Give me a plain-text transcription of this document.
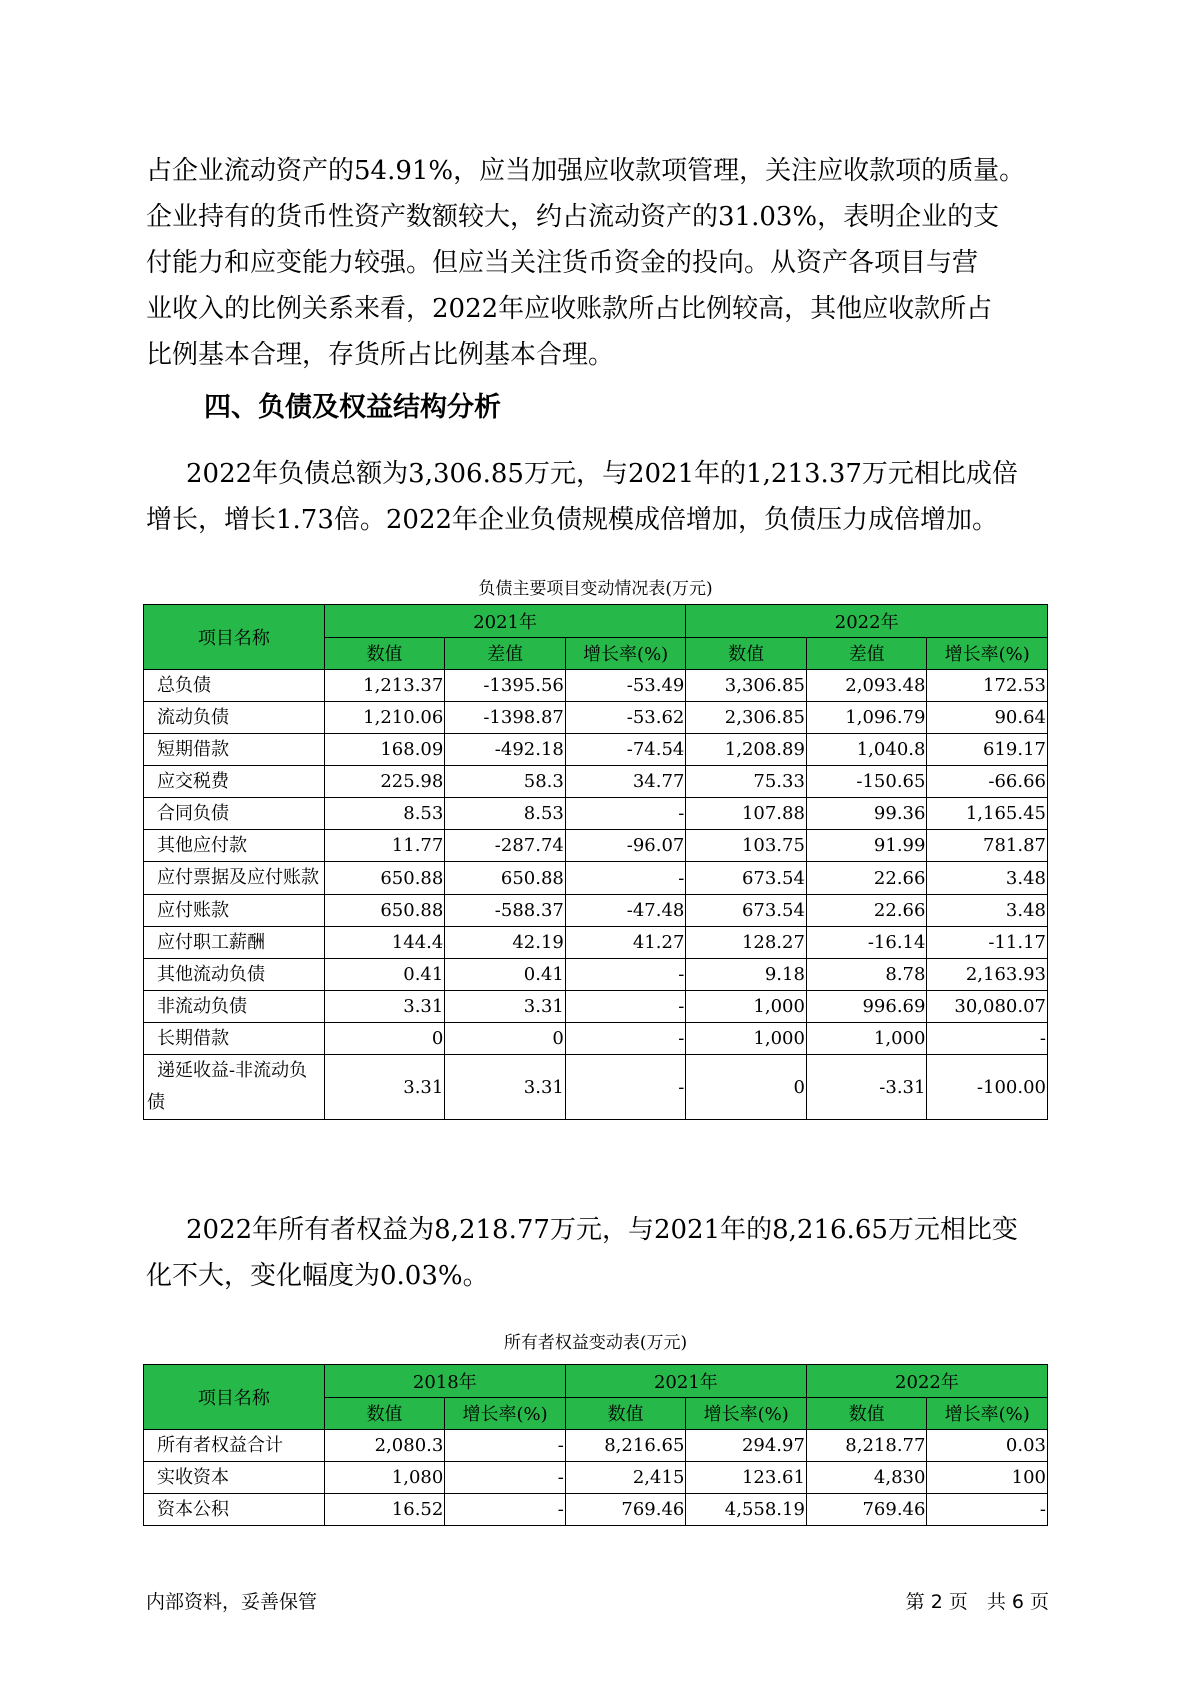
占企业流动资产的54.91%，应当加强应收款项管理，关注应收款项的质量。
企业持有的货币性资产数额较大，约占流动资产的31.03%，表明企业的支
付能力和应变能力较强。但应当关注货币资金的投向。从资产各项目与营
业收入的比例关系来看，2022年应收账款所占比例较高，其他应收款所占
比例基本合理，存货所占比例基本合理。
四、负债及权益结构分析
2022年负债总额为3,306.85万元，与2021年的1,213.37万元相比成倍
增长，增长1.73倍。2022年企业负债规模成倍增加，负债压力成倍增加。
负债主要项目变动情况表(万元)
项目名称	2021年			2022年		
	数值	差值	增长率(%)	数值	差值	增长率(%)
总负债	1,213.37	-1395.56	-53.49	3,306.85	2,093.48	172.53
流动负债	1,210.06	-1398.87	-53.62	2,306.85	1,096.79	90.64
短期借款	168.09	-492.18	-74.54	1,208.89	1,040.8	619.17
应交税费	225.98	58.3	34.77	75.33	-150.65	-66.66
合同负债	8.53	8.53	-	107.88	99.36	1,165.45
其他应付款	11.77	-287.74	-96.07	103.75	91.99	781.87
应付票据及应付账款	650.88	650.88	-	673.54	22.66	3.48
应付账款	650.88	-588.37	-47.48	673.54	22.66	3.48
应付职工薪酬	144.4	42.19	41.27	128.27	-16.14	-11.17
其他流动负债	0.41	0.41	-	9.18	8.78	2,163.93
非流动负债	3.31	3.31	-	1,000	996.69	30,080.07
长期借款	0	0	-	1,000	1,000	-
递延收益-非流动负债	3.31	3.31	-	0	-3.31	-100.00
2022年所有者权益为8,218.77万元，与2021年的8,216.65万元相比变
化不大，变化幅度为0.03%。
所有者权益变动表(万元)
项目名称	2018年		2021年		2022年	
	数值	增长率(%)	数值	增长率(%)	数值	增长率(%)
所有者权益合计	2,080.3	-	8,216.65	294.97	8,218.77	0.03
实收资本	1,080	-	2,415	123.61	4,830	100
资本公积	16.52	-	769.46	4,558.19	769.46	-
内部资料，妥善保管	第 2 页　共 6 页
